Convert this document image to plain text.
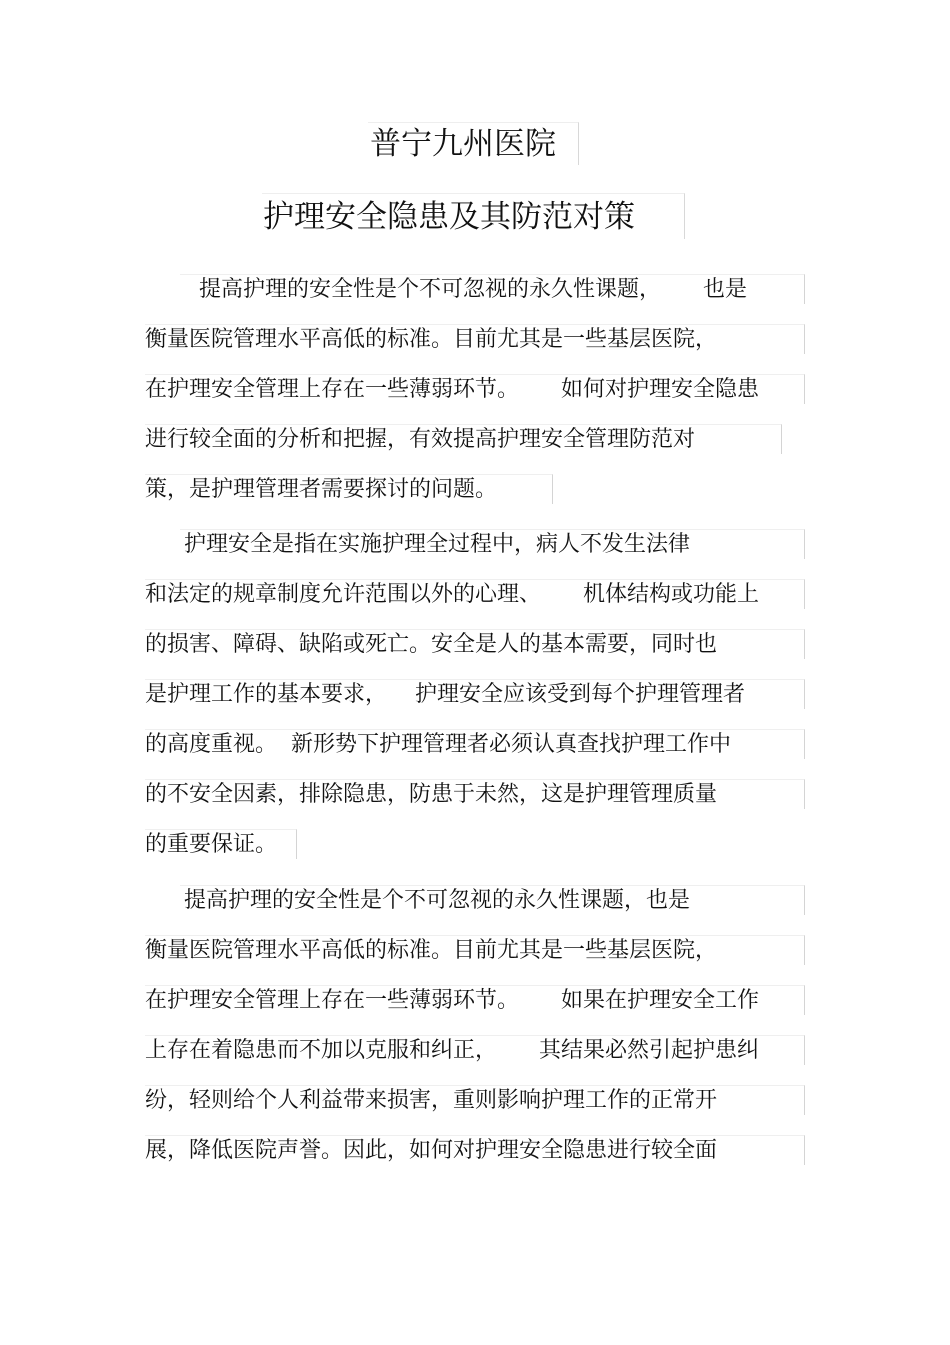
普宁九州医院
护理安全隐患及其防范对策

提高护理的安全性是个不可忽视的永久性课题，      也是

衡量医院管理水平高低的标准。目前尤其是一些基层医院，

在护理安全管理上存在一些薄弱环节。      如何对护理安全隐患

进行较全面的分析和把握，有效提高护理安全管理防范对

策，是护理管理者需要探讨的问题。

护理安全是指在实施护理全过程中，病人不发生法律

和法定的规章制度允许范围以外的心理、      机体结构或功能上

的损害、障碍、缺陷或死亡。安全是人的基本需要，同时也

是护理工作的基本要求，    护理安全应该受到每个护理管理者

的高度重视。  新形势下护理管理者必须认真查找护理工作中

的不安全因素，排除隐患，防患于未然，这是护理管理质量

的重要保证。

提高护理的安全性是个不可忽视的永久性课题，也是

衡量医院管理水平高低的标准。目前尤其是一些基层医院，

在护理安全管理上存在一些薄弱环节。      如果在护理安全工作

上存在着隐患而不加以克服和纠正，      其结果必然引起护患纠

纷，轻则给个人利益带来损害，重则影响护理工作的正常开

展，降低医院声誉。因此，如何对护理安全隐患进行较全面
